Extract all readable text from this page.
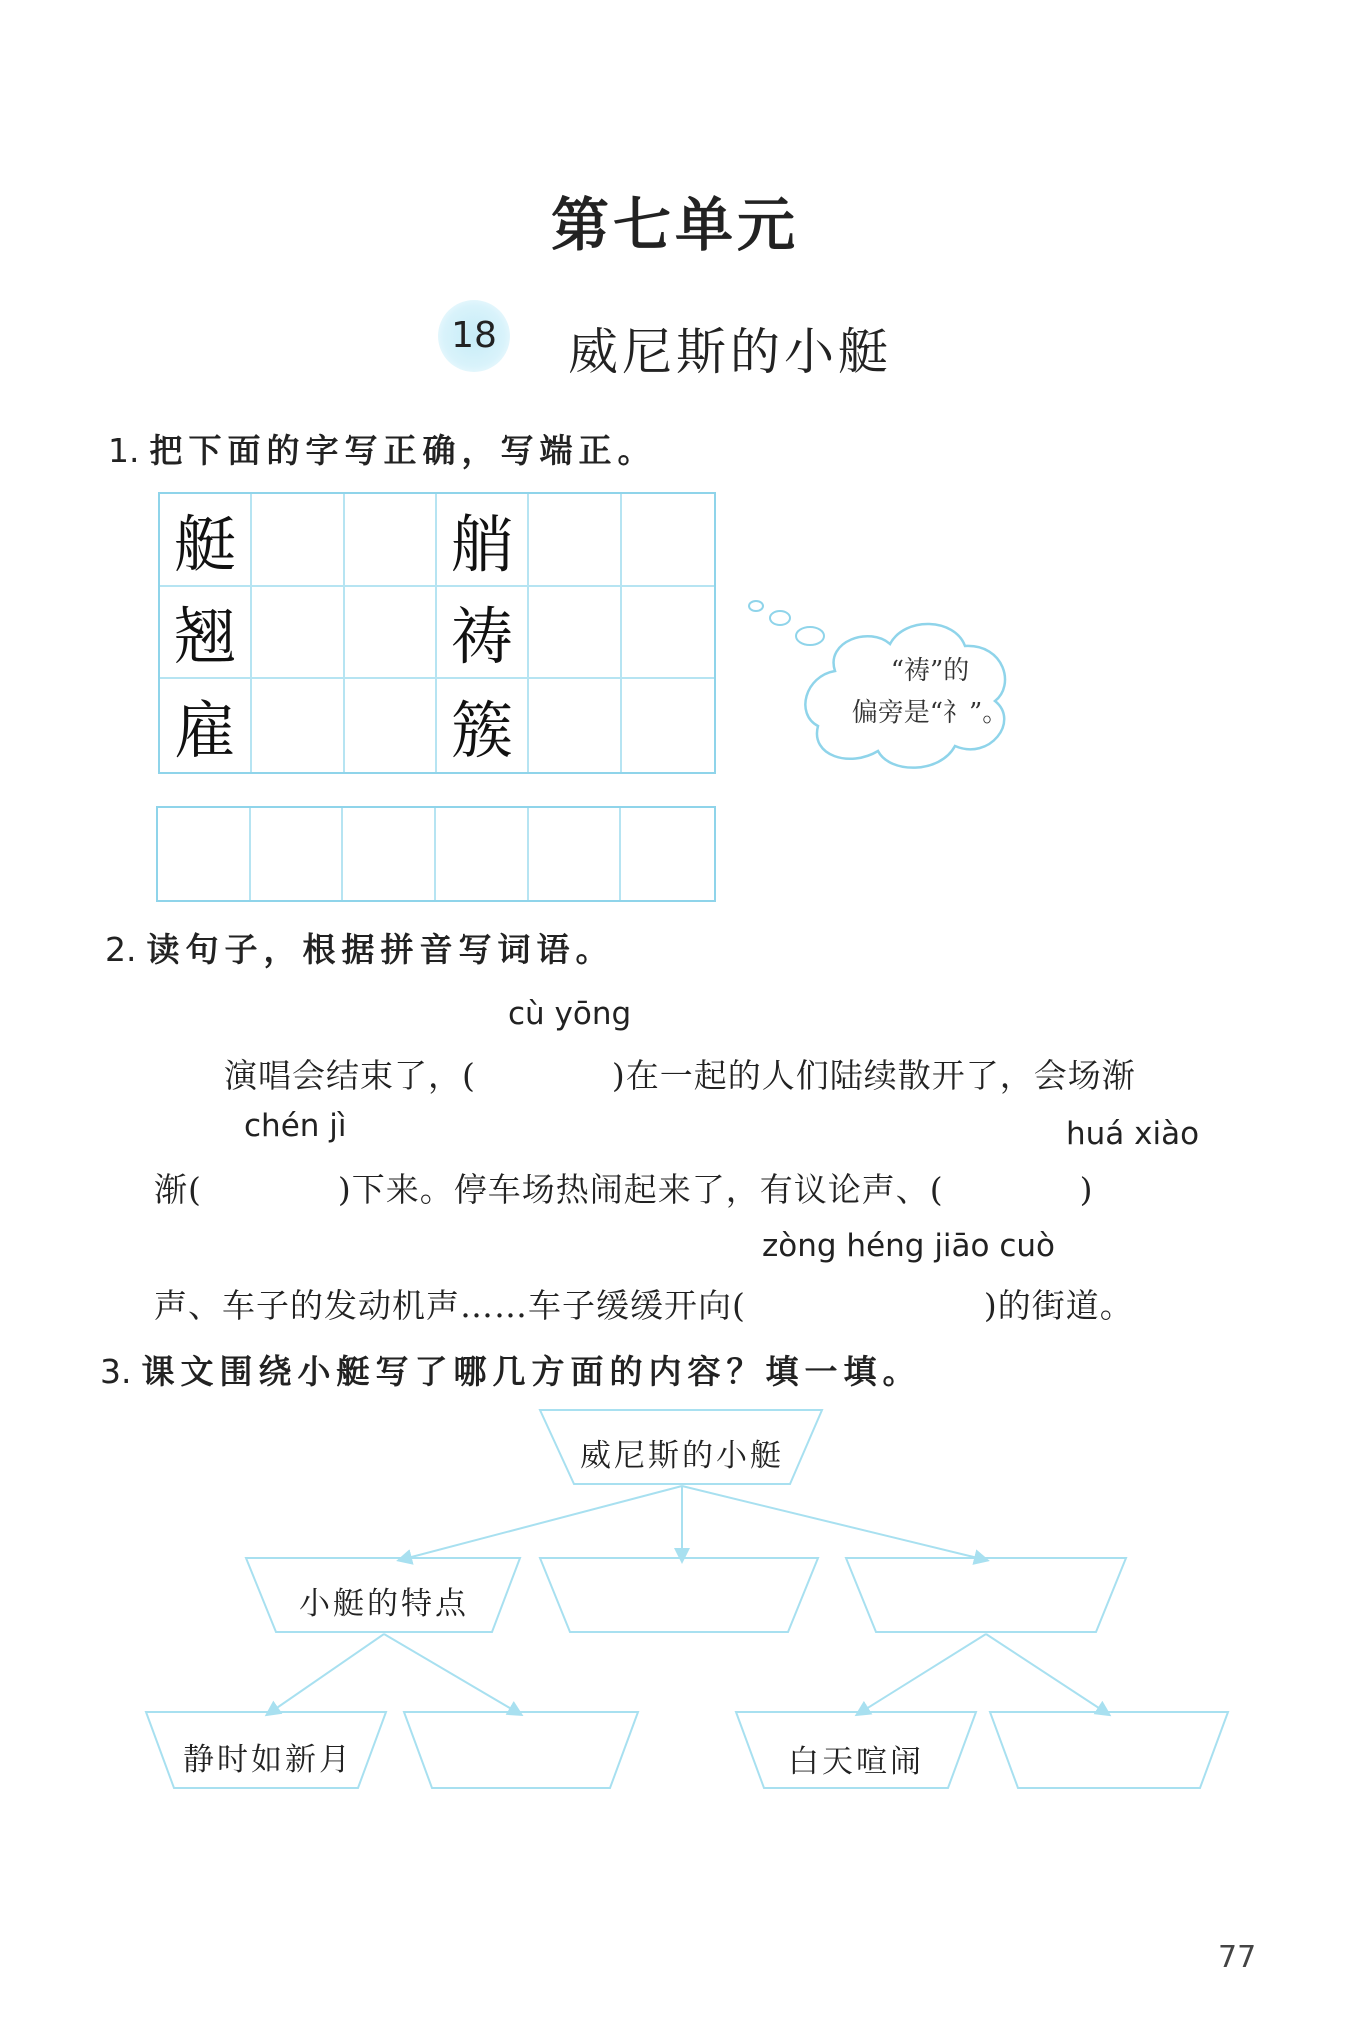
第七单元
18 威尼斯的小艇
1. 把下面的字写正确，写端正。
艇	艄
翘	祷
雇	簇
“祷”的
偏旁是“礻”。
2. 读句子，根据拼音写词语。
cù yōng
演唱会结束了，(　　　　)在一起的人们陆续散开了，会场渐
chén jì	huá xiào
渐(　　　　)下来。停车场热闹起来了，有议论声、(　　　　)
zòng héng jiāo cuò
声、车子的发动机声……车子缓缓开向(　　　　　　　)的街道。
3. 课文围绕小艇写了哪几方面的内容？填一填。
威尼斯的小艇
小艇的特点
静时如新月	白天喧闹
77
